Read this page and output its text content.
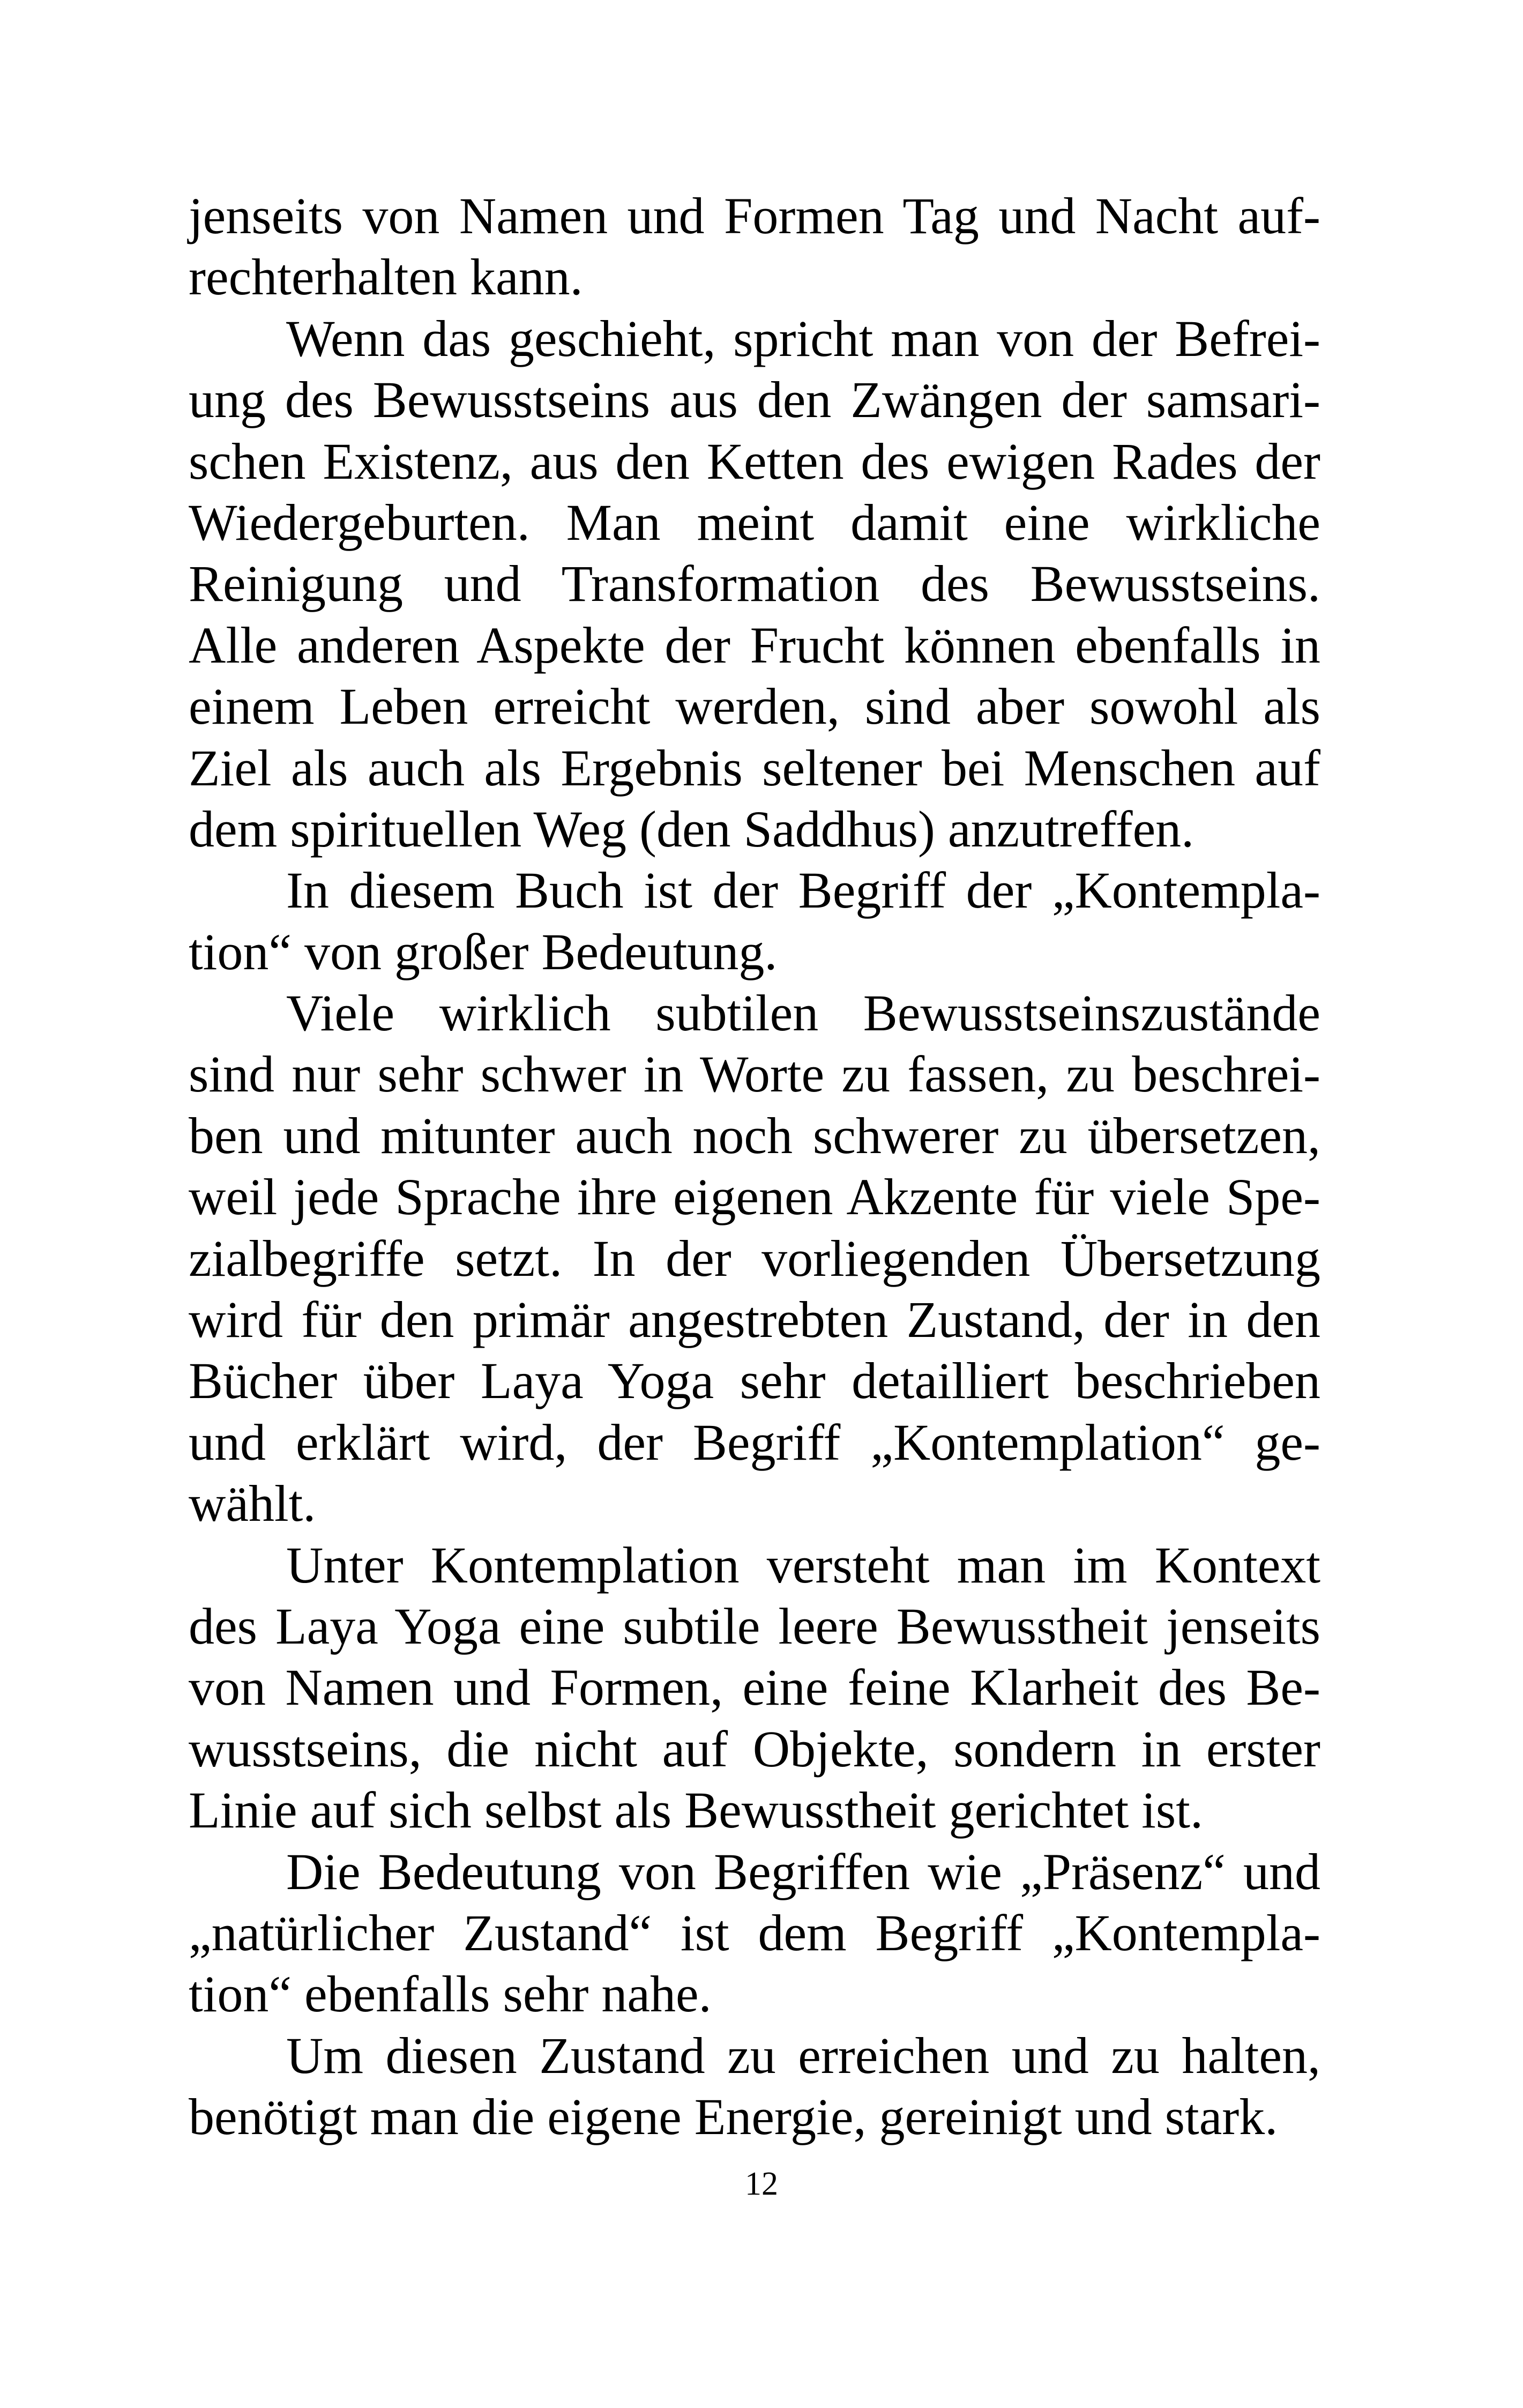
jenseits von Namen und Formen Tag und Nacht auf-
rechterhalten kann.
Wenn das geschieht, spricht man von der Befrei-
ung des Bewusstseins aus den Zwängen der samsari-
schen Existenz, aus den Ketten des ewigen Rades der
Wiedergeburten. Man meint damit eine wirkliche
Reinigung und Transformation des Bewusstseins.
Alle anderen Aspekte der Frucht können ebenfalls in
einem Leben erreicht werden, sind aber sowohl als
Ziel als auch als Ergebnis seltener bei Menschen auf
dem spirituellen Weg (den Saddhus) anzutreffen.
In diesem Buch ist der Begriff der „Kontempla-
tion“ von großer Bedeutung.
Viele wirklich subtilen Bewusstseinszustände
sind nur sehr schwer in Worte zu fassen, zu beschrei-
ben und mitunter auch noch schwerer zu übersetzen,
weil jede Sprache ihre eigenen Akzente für viele Spe-
zialbegriffe setzt. In der vorliegenden Übersetzung
wird für den primär angestrebten Zustand, der in den
Bücher über Laya Yoga sehr detailliert beschrieben
und erklärt wird, der Begriff „Kontemplation“ ge-
wählt.
Unter Kontemplation versteht man im Kontext
des Laya Yoga eine subtile leere Bewusstheit jenseits
von Namen und Formen, eine feine Klarheit des Be-
wusstseins, die nicht auf Objekte, sondern in erster
Linie auf sich selbst als Bewusstheit gerichtet ist.
Die Bedeutung von Begriffen wie „Präsenz“ und
„natürlicher Zustand“ ist dem Begriff „Kontempla-
tion“ ebenfalls sehr nahe.
Um diesen Zustand zu erreichen und zu halten,
benötigt man die eigene Energie, gereinigt und stark.
12
